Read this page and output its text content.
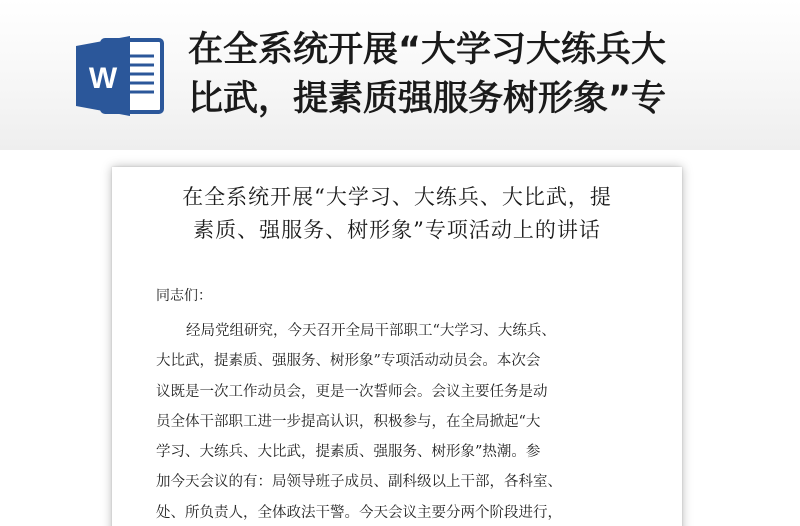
W
在全系统开展“大学习大练兵大
比武，提素质强服务树形象”专
在全系统开展“大学习、大练兵、大比武，提
素质、强服务、树形象”专项活动上的讲话

同志们：

经局党组研究，今天召开全局干部职工“大学习、大练兵、
大比武，提素质、强服务、树形象”专项活动动员会。本次会
议既是一次工作动员会，更是一次誓师会。会议主要任务是动
员全体干部职工进一步提高认识，积极参与，在全局掀起“大
学习、大练兵、大比武，提素质、强服务、树形象”热潮。参
加今天会议的有：局领导班子成员、副科级以上干部，各科室、
处、所负责人，全体政法干警。今天会议主要分两个阶段进行，
